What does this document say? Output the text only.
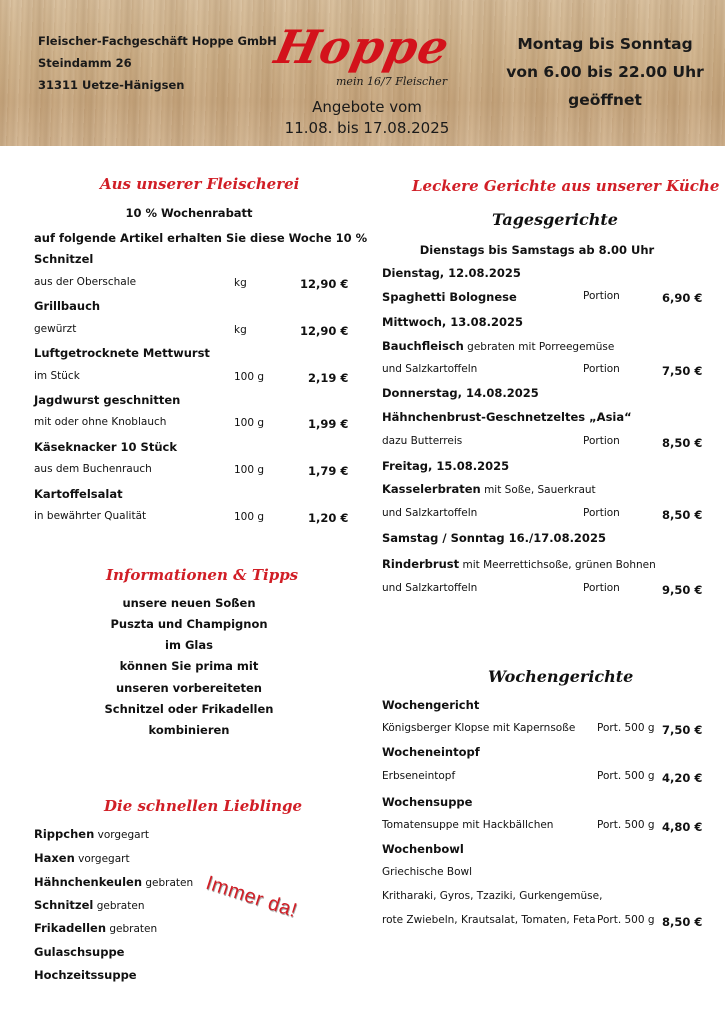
Fleischer-Fachgeschäft Hoppe GmbH
Steindamm 26
31311 Uetze-Hänigsen
Hoppe
mein 16/7 Fleischer
Angebote vom
11.08. bis 17.08.2025
Montag bis Sonntag
von 6.00 bis 22.00 Uhr
geöffnet
Aus unserer Fleischerei
10 % Wochenrabatt
auf folgende Artikel erhalten Sie diese Woche 10 %
Schnitzel
aus der Oberschale	kg	12,90 €
Grillbauch
gewürzt	kg	12,90 €
Luftgetrocknete Mettwurst
im Stück	100 g	2,19 €
Jagdwurst geschnitten
mit oder ohne Knoblauch	100 g	1,99 €
Käseknacker 10 Stück
aus dem Buchenrauch	100 g	1,79 €
Kartoffelsalat
in bewährter Qualität	100 g	1,20 €
Informationen & Tipps
unsere neuen Soßen
Puszta und Champignon
im Glas
können Sie prima mit
unseren vorbereiteten
Schnitzel oder Frikadellen
kombinieren
Die schnellen Lieblinge
Rippchen vorgegart
Haxen vorgegart
Hähnchenkeulen gebraten
Schnitzel gebraten
Frikadellen gebraten
Gulaschsuppe
Hochzeitssuppe
Immer da!
Leckere Gerichte aus unserer Küche
Tagesgerichte
Dienstags bis Samstags ab 8.00 Uhr
Dienstag, 12.08.2025
Spaghetti Bolognese	Portion	6,90 €
Mittwoch, 13.08.2025
Bauchfleisch gebraten mit Porreegemüse
und Salzkartoffeln	Portion	7,50 €
Donnerstag, 14.08.2025
Hähnchenbrust-Geschnetzeltes „Asia“
dazu Butterreis	Portion	8,50 €
Freitag, 15.08.2025
Kasselerbraten mit Soße, Sauerkraut
und Salzkartoffeln	Portion	8,50 €
Samstag / Sonntag 16./17.08.2025
Rinderbrust mit Meerrettichsoße, grünen Bohnen
und Salzkartoffeln	Portion	9,50 €
Wochengerichte
Wochengericht
Königsberger Klopse mit Kapernsoße Port. 500 g 7,50 €
Wocheneintopf
Erbseneintopf	Port. 500 g 4,20 €
Wochensuppe
Tomatensuppe mit Hackbällchen	Port. 500 g 4,80 €
Wochenbowl
Griechische Bowl
Kritharaki, Gyros, Tzaziki, Gurkengemüse,
rote Zwiebeln, Krautsalat, Tomaten, Feta Port. 500 g 8,50 €
